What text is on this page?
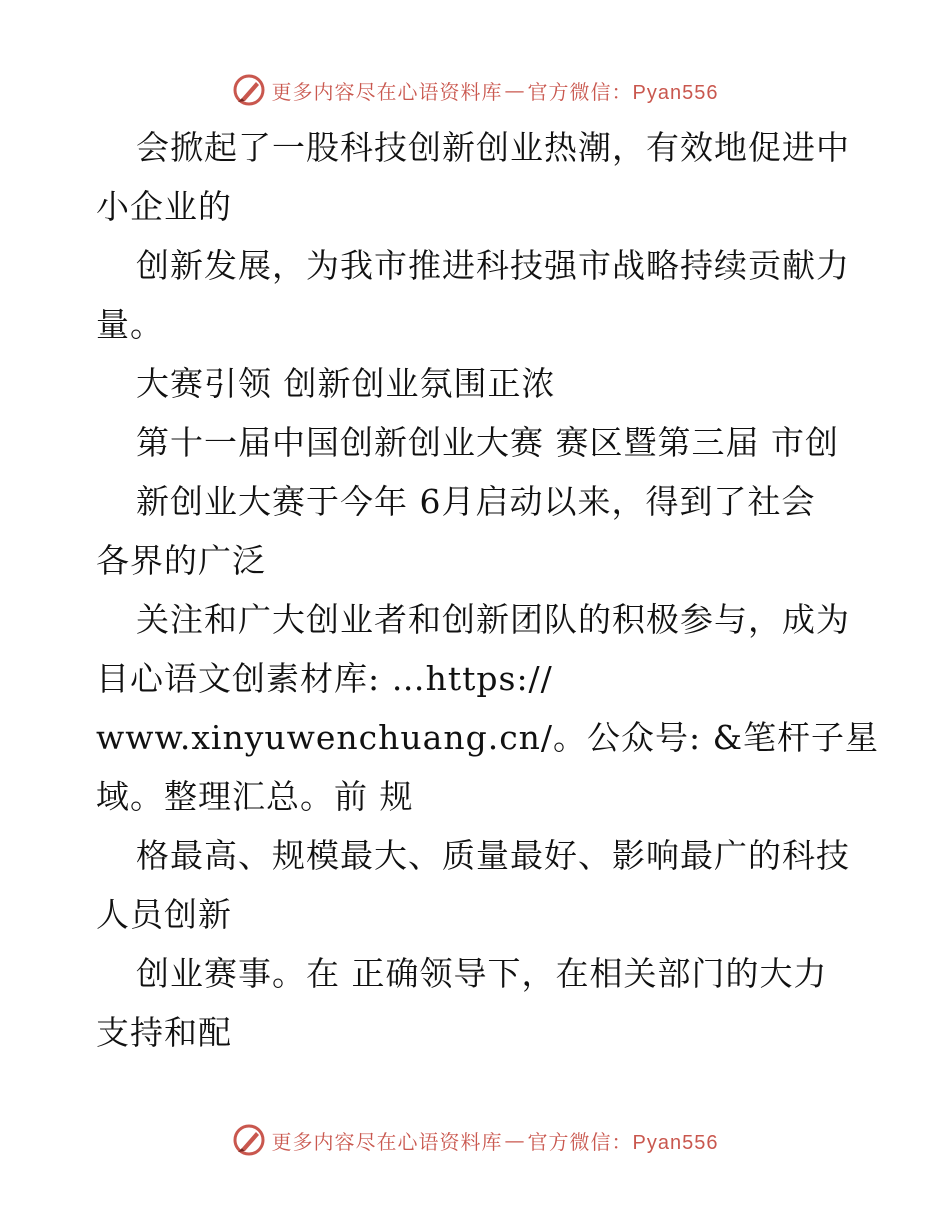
更多内容尽在心语资料库 — 官方微信：Pyan556
会掀起了一股科技创新创业热潮，有效地促进中
小企业的
创新发展，为我市推进科技强市战略持续贡献力
量。
大赛引领 创新创业氛围正浓
第十一届中国创新创业大赛 赛区暨第三届 市创
新创业大赛于今年 6月启动以来，得到了社会
各界的广泛
关注和广大创业者和创新团队的积极参与，成为
目心语文创素材库: …https://
www.xinyuwenchuang.cn/。公众号: &笔杆子星
域。整理汇总。前 规
格最高、规模最大、质量最好、影响最广的科技
人员创新
创业赛事。在 正确领导下，在相关部门的大力
支持和配
更多内容尽在心语资料库 — 官方微信：Pyan556
